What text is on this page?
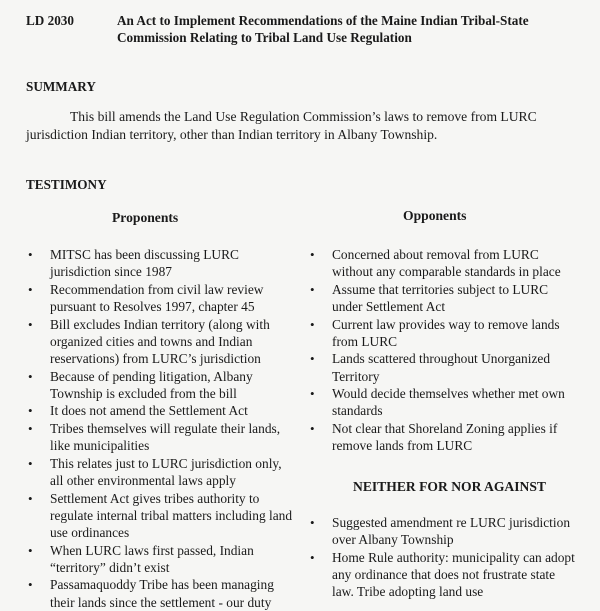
LD 2030	An Act to Implement Recommendations of the Maine Indian Tribal-State Commission Relating to Tribal Land Use Regulation
SUMMARY
This bill amends the Land Use Regulation Commission’s laws to remove from LURC jurisdiction Indian territory, other than Indian territory in Albany Township.
TESTIMONY
Proponents	Opponents
• MITSC has been discussing LURC jurisdiction since 1987
• Recommendation from civil law review pursuant to Resolves 1997, chapter 45
• Bill excludes Indian territory (along with organized cities and towns and Indian reservations) from LURC’s jurisdiction
• Because of pending litigation, Albany Township is excluded from the bill
• It does not amend the Settlement Act
• Tribes themselves will regulate their lands, like municipalities
• This relates just to LURC jurisdiction only, all other environmental laws apply
• Settlement Act gives tribes authority to regulate internal tribal matters including land use ordinances
• When LURC laws first passed, Indian “territory” didn’t exist
• Passamaquoddy Tribe has been managing their lands since the settlement - our duty
• Concerned about removal from LURC without any comparable standards in place
• Assume that territories subject to LURC under Settlement Act
• Current law provides way to remove lands from LURC
• Lands scattered throughout Unorganized Territory
• Would decide themselves whether met own standards
• Not clear that Shoreland Zoning applies if remove lands from LURC
NEITHER FOR NOR AGAINST
• Suggested amendment re LURC jurisdiction over Albany Township
• Home Rule authority: municipality can adopt any ordinance that does not frustrate state law. Tribe adopting land use
